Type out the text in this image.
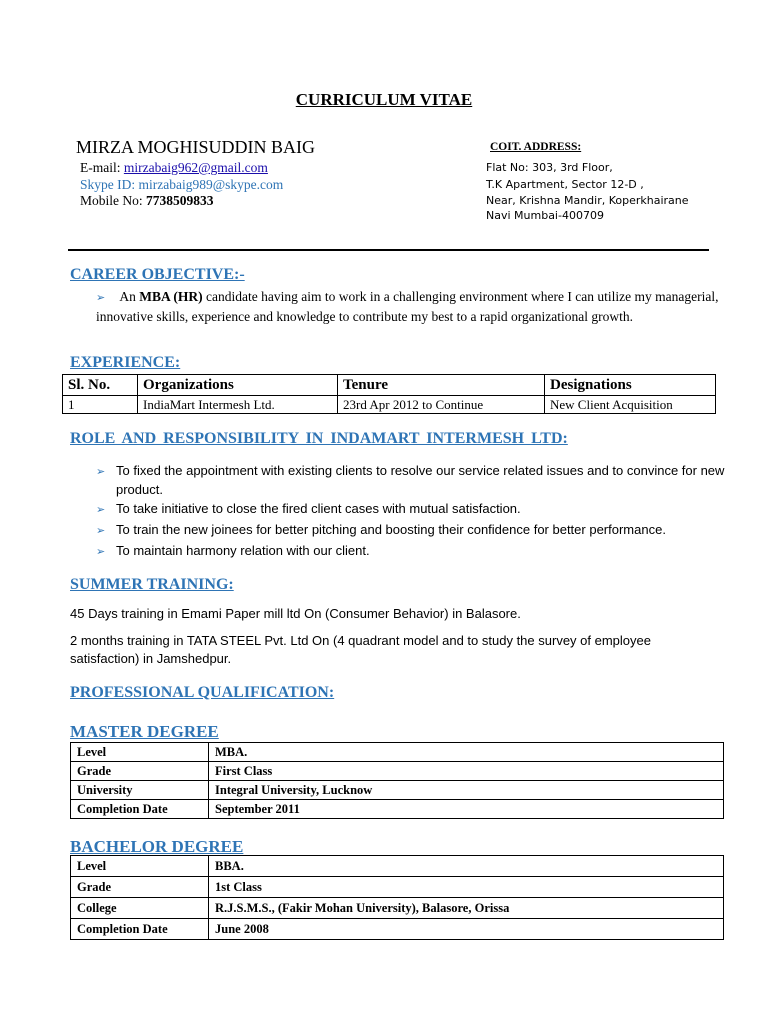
CURRICULUM VITAE
MIRZA MOGHISUDDIN BAIG
E-mail: mirzabaig962@gmail.com
Skype ID: mirzabaig989@skype.com
Mobile No: 7738509833
COIT. ADDRESS:
Flat No: 303, 3rd Floor,
T.K Apartment, Sector 12-D ,
Near, Krishna Mandir, Koperkhairane
Navi Mumbai-400709
CAREER OBJECTIVE:-
➢ An MBA (HR) candidate having aim to work in a challenging environment where I can utilize my managerial, innovative skills, experience and knowledge to contribute my best to a rapid organizational growth.
EXPERIENCE:
Sl. No.	Organizations	Tenure	Designations
1	IndiaMart Intermesh Ltd.	23rd Apr 2012 to Continue	New Client Acquisition
ROLE AND RESPONSIBILITY IN INDAMART INTERMESH LTD:
➢ To fixed the appointment with existing clients to resolve our service related issues and to convince for new product.
➢ To take initiative to close the fired client cases with mutual satisfaction.
➢ To train the new joinees for better pitching and boosting their confidence for better performance.
➢ To maintain harmony relation with our client.
SUMMER TRAINING:
45 Days training in Emami Paper mill ltd On (Consumer Behavior) in Balasore.
2 months training in TATA STEEL Pvt. Ltd On (4 quadrant model and to study the survey of employee satisfaction) in Jamshedpur.
PROFESSIONAL QUALIFICATION:
MASTER DEGREE
Level	MBA.
Grade	First Class
University	Integral University, Lucknow
Completion Date	September 2011
BACHELOR DEGREE
Level	BBA.
Grade	1st Class
College	R.J.S.M.S., (Fakir Mohan University), Balasore, Orissa
Completion Date	June 2008
